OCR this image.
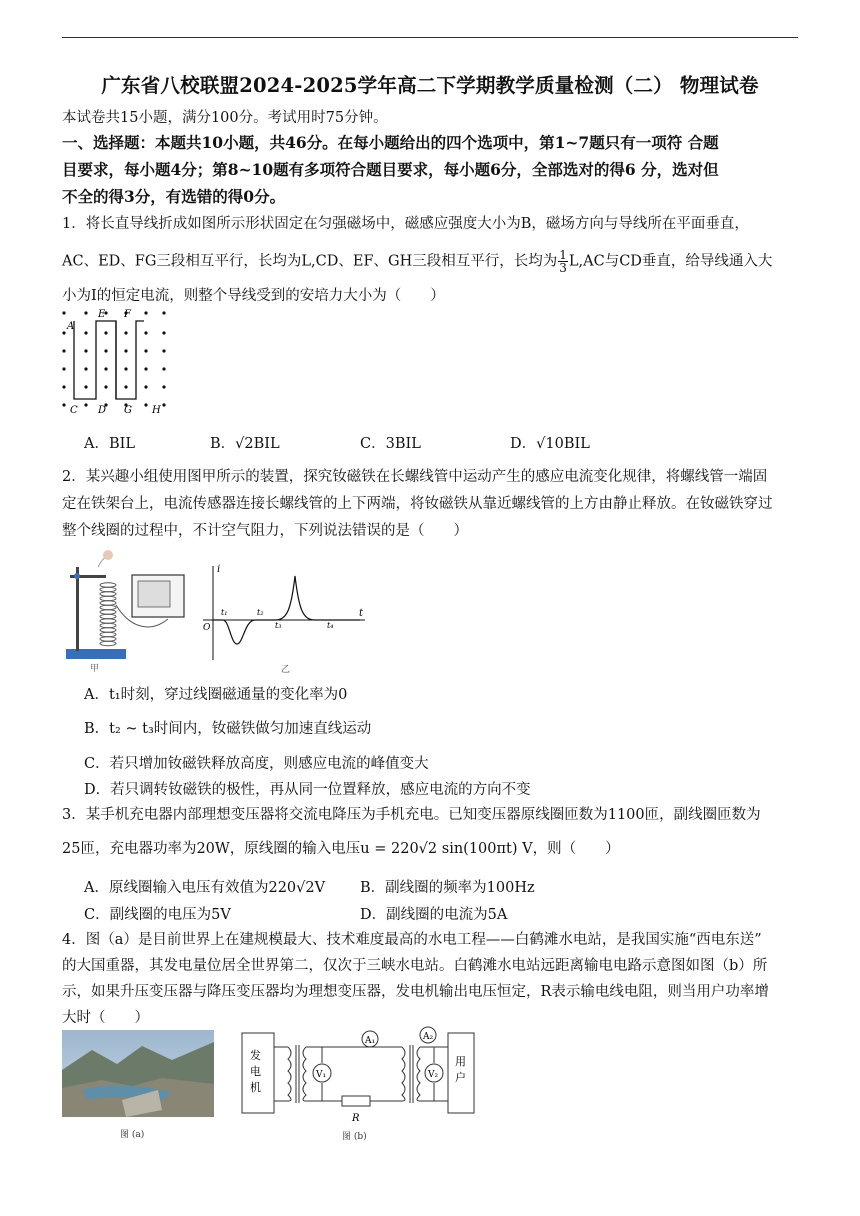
广东省八校联盟2024-2025学年高二下学期教学质量检测（二） 物理试卷
本试卷共15小题，满分100分。考试用时75分钟。
一、选择题：本题共10小题，共46分。在每小题给出的四个选项中，第1~7题只有一项符 合题
目要求，每小题4分；第8~10题有多项符合题目要求，每小题6分，全部选对的得6 分，选对但
不全的得3分，有选错的得0分。
1．将长直导线折成如图所示形状固定在匀强磁场中，磁感应强度大小为B，磁场方向与导线所在平面垂直，
AC、ED、FG三段相互平行，长均为L,CD、EF、GH三段相互平行，长均为 $\frac{1}{3} L,AC$与CD垂直，给导线通入大
小为I的恒定电流，则整个导线受到的安培力大小为（　　）
A
E F
C D G H
A．BIL	B．√2BIL	C．3BIL	D．√10BIL
2．某兴趣小组使用图甲所示的装置，探究钕磁铁在长螺线管中运动产生的感应电流变化规律，将螺线管一端固
定在铁架台上，电流传感器连接长螺线管的上下两端，将钕磁铁从靠近螺线管的上方由静止释放。在钕磁铁穿过
整个线圈的过程中，不计空气阻力，下列说法错误的是（　　）
甲
i
t
O
t₁	t₂
t₃	t₄
乙
A．t₁时刻，穿过线圈磁通量的变化率为0
B．t₂ ~ t₃时间内，钕磁铁做匀加速直线运动
C．若只增加钕磁铁释放高度，则感应电流的峰值变大
D．若只调转钕磁铁的极性，再从同一位置释放，感应电流的方向不变
3．某手机充电器内部理想变压器将交流电降压为手机充电。已知变压器原线圈匝数为1100匝，副线圈匝数为
25匝，充电器功率为20W，原线圈的输入电压u = 220√2 sin(100πt) V，则（　　）
A．原线圈输入电压有效值为220√2V B．副线圈的频率为100Hz
C．副线圈的电压为5V	D．副线圈的电流为5A
4．图（a）是目前世界上在建规模最大、技术难度最高的水电工程——白鹤滩水电站，是我国实施“西电东送”
的大国重器，其发电量位居全世界第二，仅次于三峡水电站。白鹤滩水电站远距离输电电路示意图如图（b）所
示，如果升压变压器与降压变压器均为理想变压器，发电机输出电压恒定，R表示输电线电阻，则当用户功率增
大时（　　）
图 (a)
发
电
机
R
V₁
A₁
V₂
A₂
用
户
图 (b)
